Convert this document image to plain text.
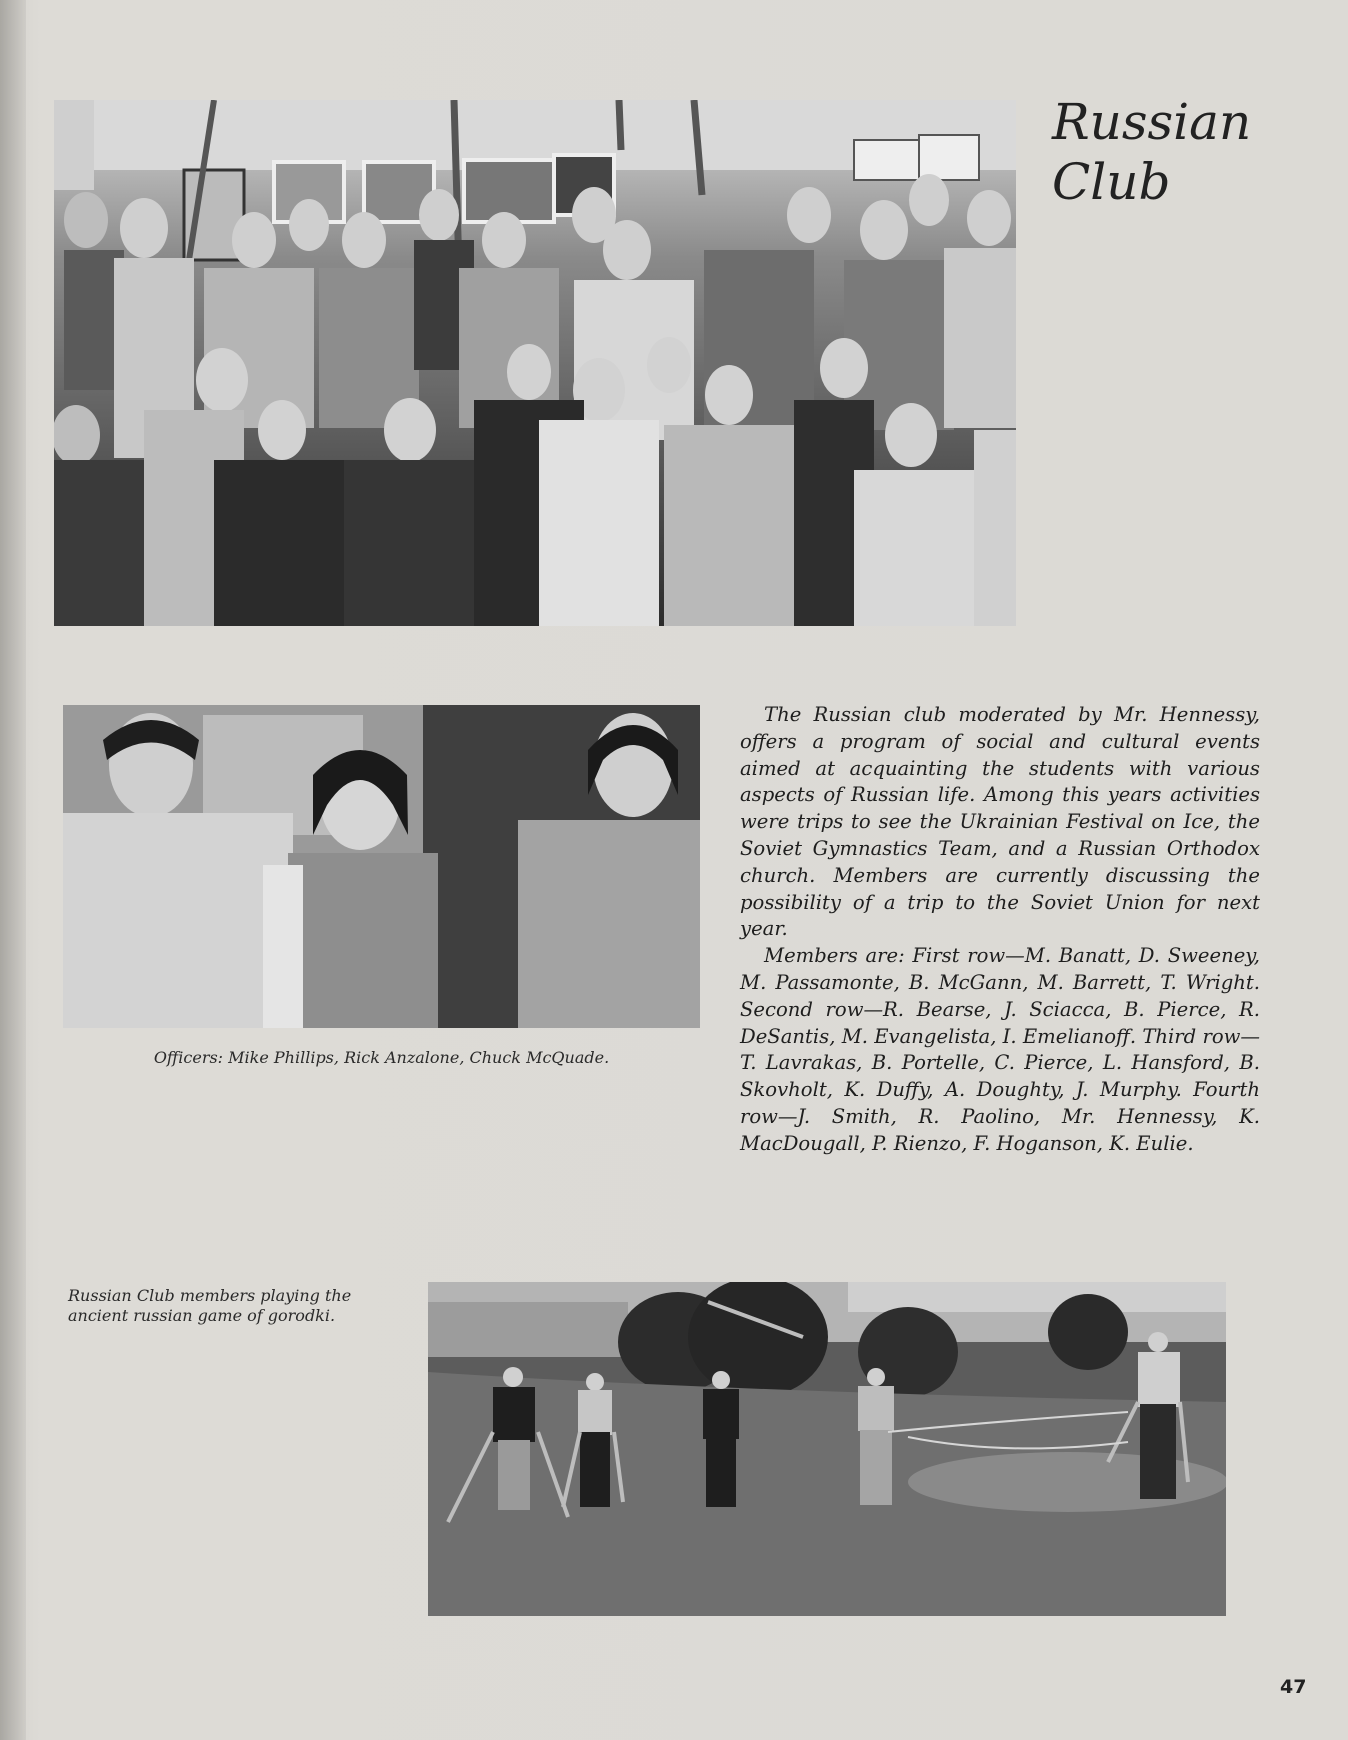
Russian
Club

Officers: Mike Phillips, Rick Anzalone, Chuck McQuade.

The Russian club moderated by Mr. Hennessy, offers a program of social and cultural events aimed at acquainting the students with various aspects of Russian life. Among this years activities were trips to see the Ukrainian Festival on Ice, the Soviet Gymnastics Team, and a Russian Orthodox church. Members are currently discussing the possibility of a trip to the Soviet Union for next year.

Members are: First row—M. Banatt, D. Sweeney, M. Passamonte, B. McGann, M. Barrett, T. Wright. Second row—R. Bearse, J. Sciacca, B. Pierce, R. DeSantis, M. Evangelista, I. Emelianoff. Third row—T. Lavrakas, B. Portelle, C. Pierce, L. Hansford, B. Skovholt, K. Duffy, A. Doughty, J. Murphy. Fourth row—J. Smith, R. Paolino, Mr. Hennessy, K. MacDougall, P. Rienzo, F. Hoganson, K. Eulie.

Russian Club members playing the ancient russian game of gorodki.

47
